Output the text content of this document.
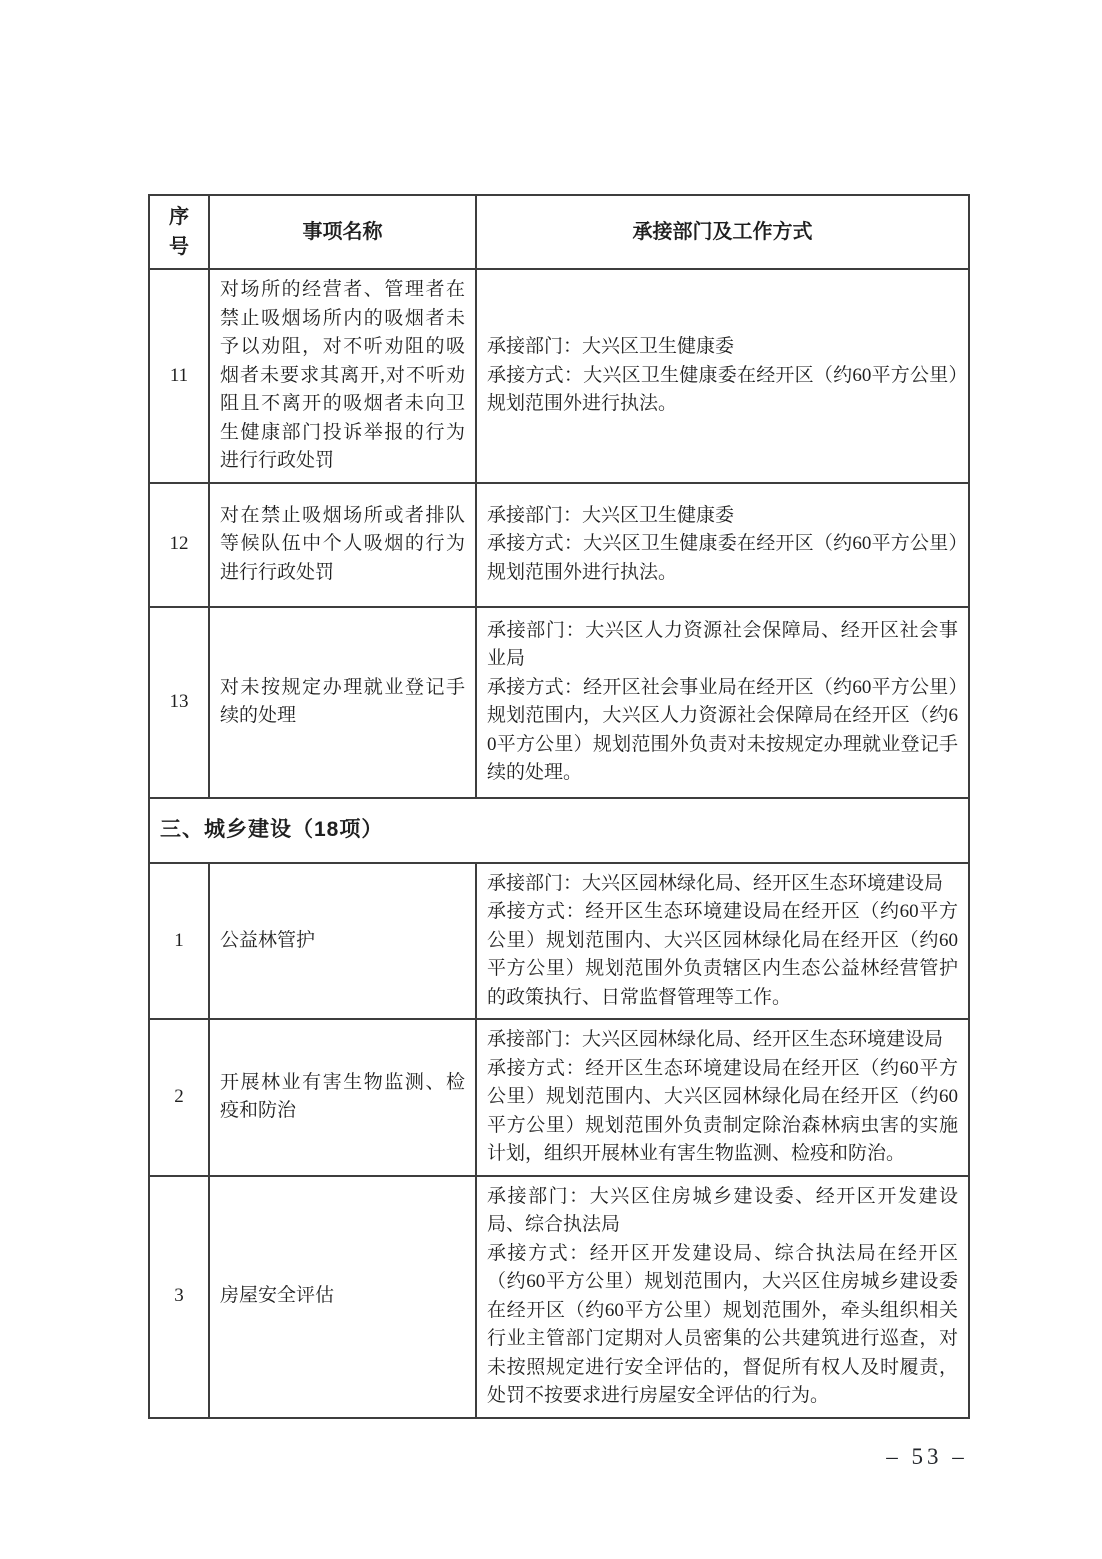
序号	事项名称	承接部门及工作方式
11	对场所的经营者、管理者在禁止吸烟场所内的吸烟者未予以劝阻，对不听劝阻的吸烟者未要求其离开,对不听劝阻且不离开的吸烟者未向卫生健康部门投诉举报的行为进行行政处罚	承接部门：大兴区卫生健康委
承接方式：大兴区卫生健康委在经开区（约60平方公里）规划范围外进行执法。

12	对在禁止吸烟场所或者排队等候队伍中个人吸烟的行为进行行政处罚	承接部门：大兴区卫生健康委
承接方式：大兴区卫生健康委在经开区（约60平方公里）规划范围外进行执法。

13	对未按规定办理就业登记手续的处理	承接部门：大兴区人力资源社会保障局、经开区社会事业局
承接方式：经开区社会事业局在经开区（约60平方公里）规划范围内，大兴区人力资源社会保障局在经开区（约60平方公里）规划范围外负责对未按规定办理就业登记手续的处理。

三、城乡建设（18项）		
1	公益林管护	承接部门：大兴区园林绿化局、经开区生态环境建设局
承接方式：经开区生态环境建设局在经开区（约60平方公里）规划范围内、大兴区园林绿化局在经开区（约60平方公里）规划范围外负责辖区内生态公益林经营管护的政策执行、日常监督管理等工作。

2	开展林业有害生物监测、检疫和防治	承接部门：大兴区园林绿化局、经开区生态环境建设局
承接方式：经开区生态环境建设局在经开区（约60平方公里）规划范围内、大兴区园林绿化局在经开区（约60平方公里）规划范围外负责制定除治森林病虫害的实施计划，组织开展林业有害生物监测、检疫和防治。

3	房屋安全评估	承接部门：大兴区住房城乡建设委、经开区开发建设局、综合执法局
承接方式：经开区开发建设局、综合执法局在经开区（约60平方公里）规划范围内，大兴区住房城乡建设委在经开区（约60平方公里）规划范围外，牵头组织相关行业主管部门定期对人员密集的公共建筑进行巡查，对未按照规定进行安全评估的，督促所有权人及时履责，处罚不按要求进行房屋安全评估的行为。
– 53 –
